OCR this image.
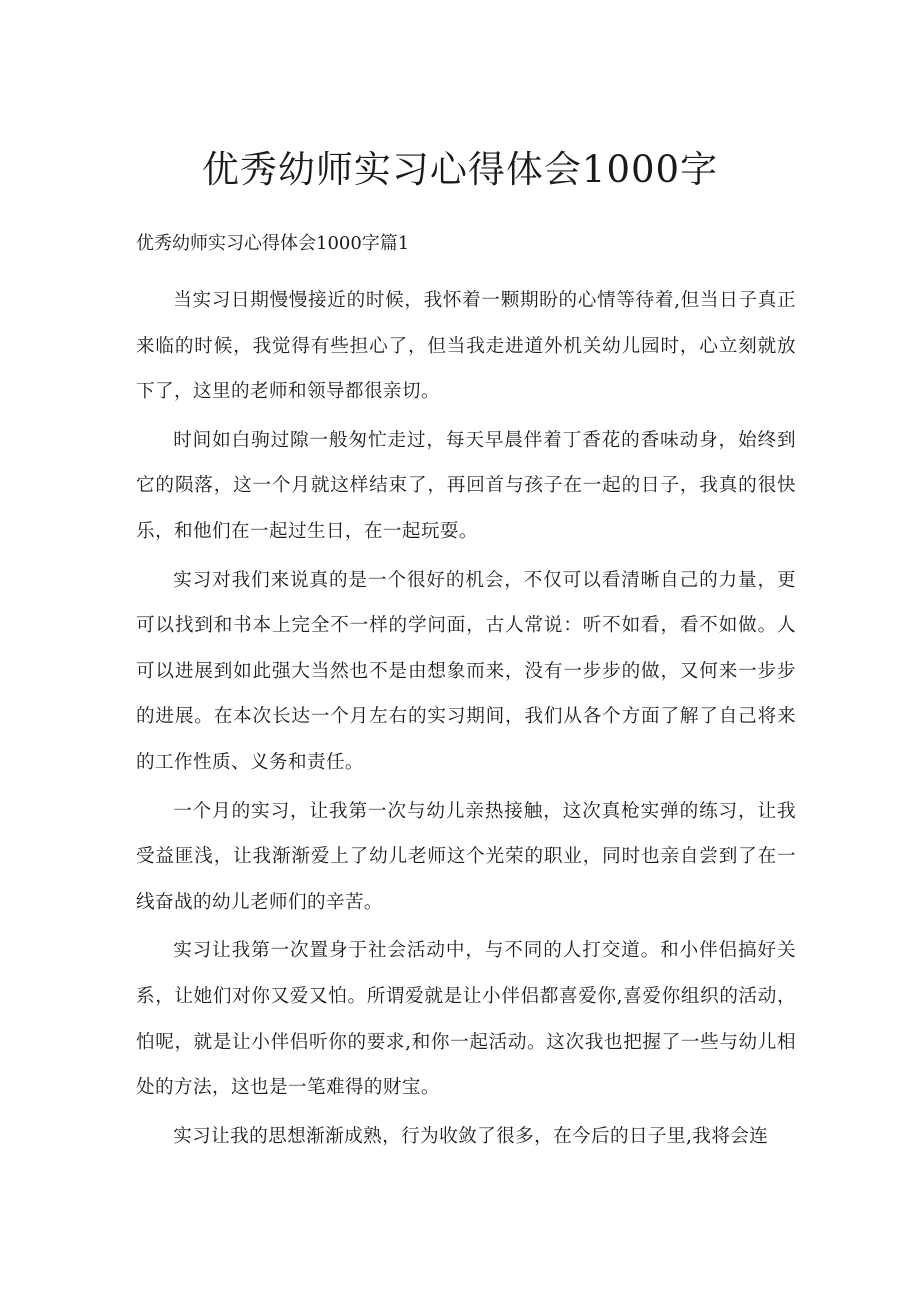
优秀幼师实习心得体会1000字
优秀幼师实习心得体会1000字篇1

当实习日期慢慢接近的时候，我怀着一颗期盼的心情等待着,但当日子真正来临的时候，我觉得有些担心了，但当我走进道外机关幼儿园时，心立刻就放下了，这里的老师和领导都很亲切。

时间如白驹过隙一般匆忙走过，每天早晨伴着丁香花的香味动身，始终到它的陨落，这一个月就这样结束了，再回首与孩子在一起的日子，我真的很快乐，和他们在一起过生日，在一起玩耍。

实习对我们来说真的是一个很好的机会，不仅可以看清晰自己的力量，更可以找到和书本上完全不一样的学问面，古人常说：听不如看，看不如做。人可以进展到如此强大当然也不是由想象而来，没有一步步的做，又何来一步步的进展。在本次长达一个月左右的实习期间，我们从各个方面了解了自己将来的工作性质、义务和责任。

一个月的实习，让我第一次与幼儿亲热接触，这次真枪实弹的练习，让我受益匪浅，让我渐渐爱上了幼儿老师这个光荣的职业，同时也亲自尝到了在一线奋战的幼儿老师们的辛苦。

实习让我第一次置身于社会活动中，与不同的人打交道。和小伴侣搞好关系，让她们对你又爱又怕。所谓爱就是让小伴侣都喜爱你,喜爱你组织的活动，怕呢，就是让小伴侣听你的要求,和你一起活动。这次我也把握了一些与幼儿相处的方法，这也是一笔难得的财宝。

实习让我的思想渐渐成熟，行为收敛了很多，在今后的日子里,我将会连
